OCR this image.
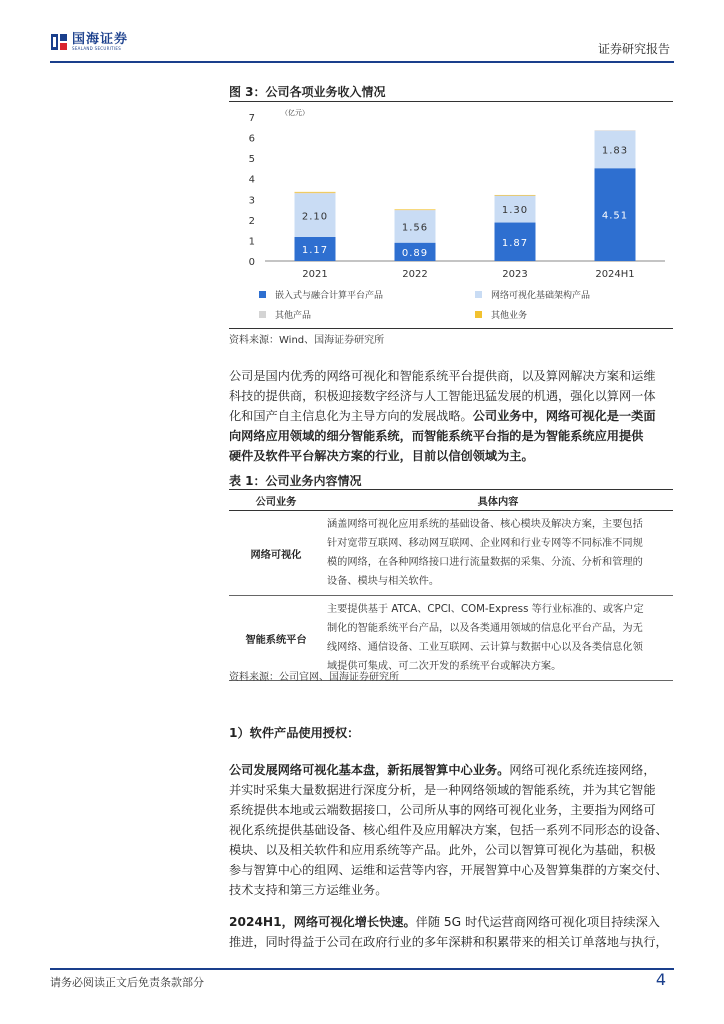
国海证券
SEALAND SECURITIES	证券研究报告
图 3：公司各项业务收入情况
（亿元）
0
1
2
3
4
5
6
7
1.17
2.10
2021
0.89
1.56
2022
1.87
1.30
2023
4.51
1.83
2024H1
嵌入式与融合计算平台产品	网络可视化基础架构产品
其他产品	其他业务
资料来源：Wind、国海证券研究所
公司是国内优秀的网络可视化和智能系统平台提供商，以及算网解决方案和运维
科技的提供商，积极迎接数字经济与人工智能迅猛发展的机遇，强化以算网一体
化和国产自主信息化为主导方向的发展战略。公司业务中，网络可视化是一类面
向网络应用领域的细分智能系统，而智能系统平台指的是为智能系统应用提供
硬件及软件平台解决方案的行业，目前以信创领域为主。
表 1：公司业务内容情况
公司业务	具体内容
网络可视化	涵盖网络可视化应用系统的基础设备、核心模块及解决方案，主要包括
针对宽带互联网、移动网互联网、企业网和行业专网等不同标准不同规
模的网络，在各种网络接口进行流量数据的采集、分流、分析和管理的
设备、模块与相关软件。

智能系统平台	主要提供基于 ATCA、CPCI、COM-Express 等行业标准的、或客户定
制化的智能系统平台产品，以及各类通用领域的信息化平台产品，为无
线网络、通信设备、工业互联网、云计算与数据中心以及各类信息化领
域提供可集成、可二次开发的系统平台或解决方案。
资料来源：公司官网、国海证券研究所
1）软件产品使用授权：
公司发展网络可视化基本盘，新拓展智算中心业务。网络可视化系统连接网络，
并实时采集大量数据进行深度分析，是一种网络领域的智能系统，并为其它智能
系统提供本地或云端数据接口，公司所从事的网络可视化业务，主要指为网络可
视化系统提供基础设备、核心组件及应用解决方案，包括一系列不同形态的设备、
模块、以及相关软件和应用系统等产品。此外，公司以智算可视化为基础，积极
参与智算中心的组网、运维和运营等内容，开展智算中心及智算集群的方案交付、
技术支持和第三方运维业务。
2024H1，网络可视化增长快速。伴随 5G 时代运营商网络可视化项目持续深入
推进，同时得益于公司在政府行业的多年深耕和积累带来的相关订单落地与执行，
请务必阅读正文后免责条款部分	4
